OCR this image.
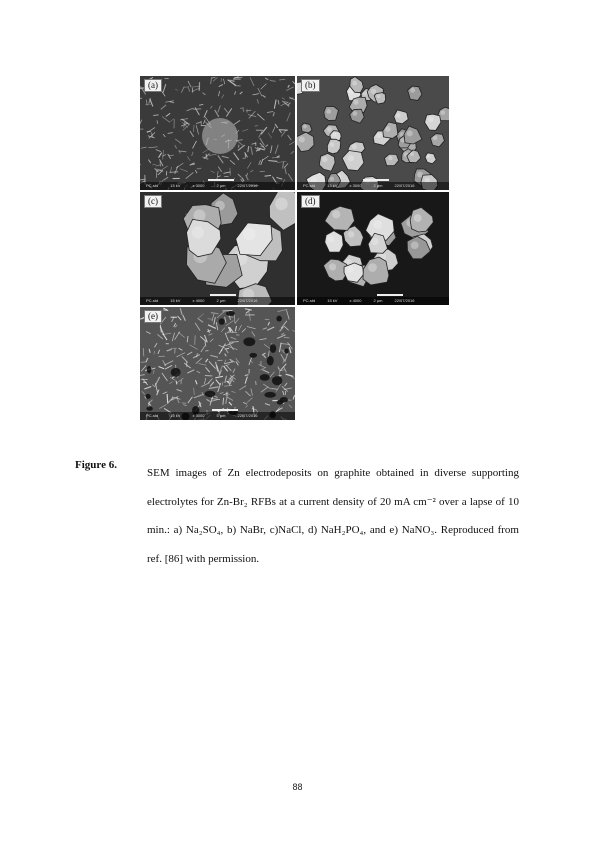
(a)
PC-std	15 kV	x 3000	2 μm	22/07/2016
(b)
PC-std	15 kV	x 3000	2 μm	22/07/2016
(c)
PC-std	15 kV	x 4000	2 μm	22/07/2016
(d)
PC-std	15 kV	x 4000	2 μm	22/07/2016
(e)
PC-std	15 kV	x 3000	5 μm	22/07/2016
Figure 6.
SEM images of Zn electrodeposits on graphite obtained in diverse supporting electrolytes for Zn-Br₂ RFBs at a current density of 20 mA cm⁻² over a lapse of 10 min.: a) Na₂SO₄, b) NaBr, c)NaCl, d) NaH₂PO₄, and e) NaNO₃. Reproduced from ref. [86] with permission.
88
